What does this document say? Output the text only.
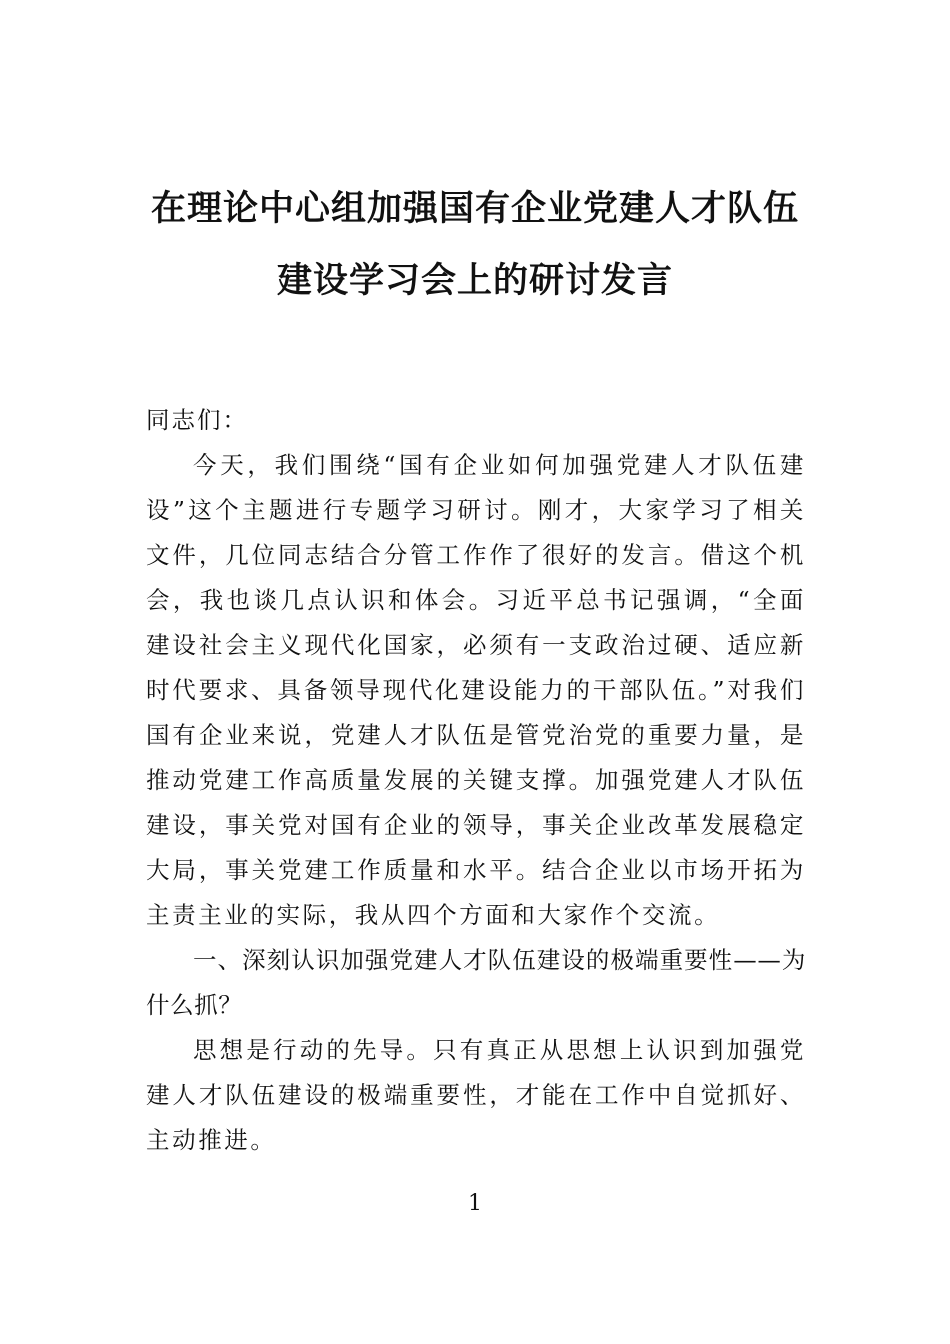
在理论中心组加强国有企业党建人才队伍
建设学习会上的研讨发言

同志们：

今天，我们围绕“国有企业如何加强党建人才队伍建设”这个主题进行专题学习研讨。刚才，大家学习了相关文件，几位同志结合分管工作作了很好的发言。借这个机会，我也谈几点认识和体会。习近平总书记强调，“全面建设社会主义现代化国家，必须有一支政治过硬、适应新时代要求、具备领导现代化建设能力的干部队伍。”对我们国有企业来说，党建人才队伍是管党治党的重要力量，是推动党建工作高质量发展的关键支撑。加强党建人才队伍建设，事关党对国有企业的领导，事关企业改革发展稳定大局，事关党建工作质量和水平。结合企业以市场开拓为主责主业的实际，我从四个方面和大家作个交流。

一、深刻认识加强党建人才队伍建设的极端重要性——为什么抓？

思想是行动的先导。只有真正从思想上认识到加强党建人才队伍建设的极端重要性，才能在工作中自觉抓好、主动推进。

1
